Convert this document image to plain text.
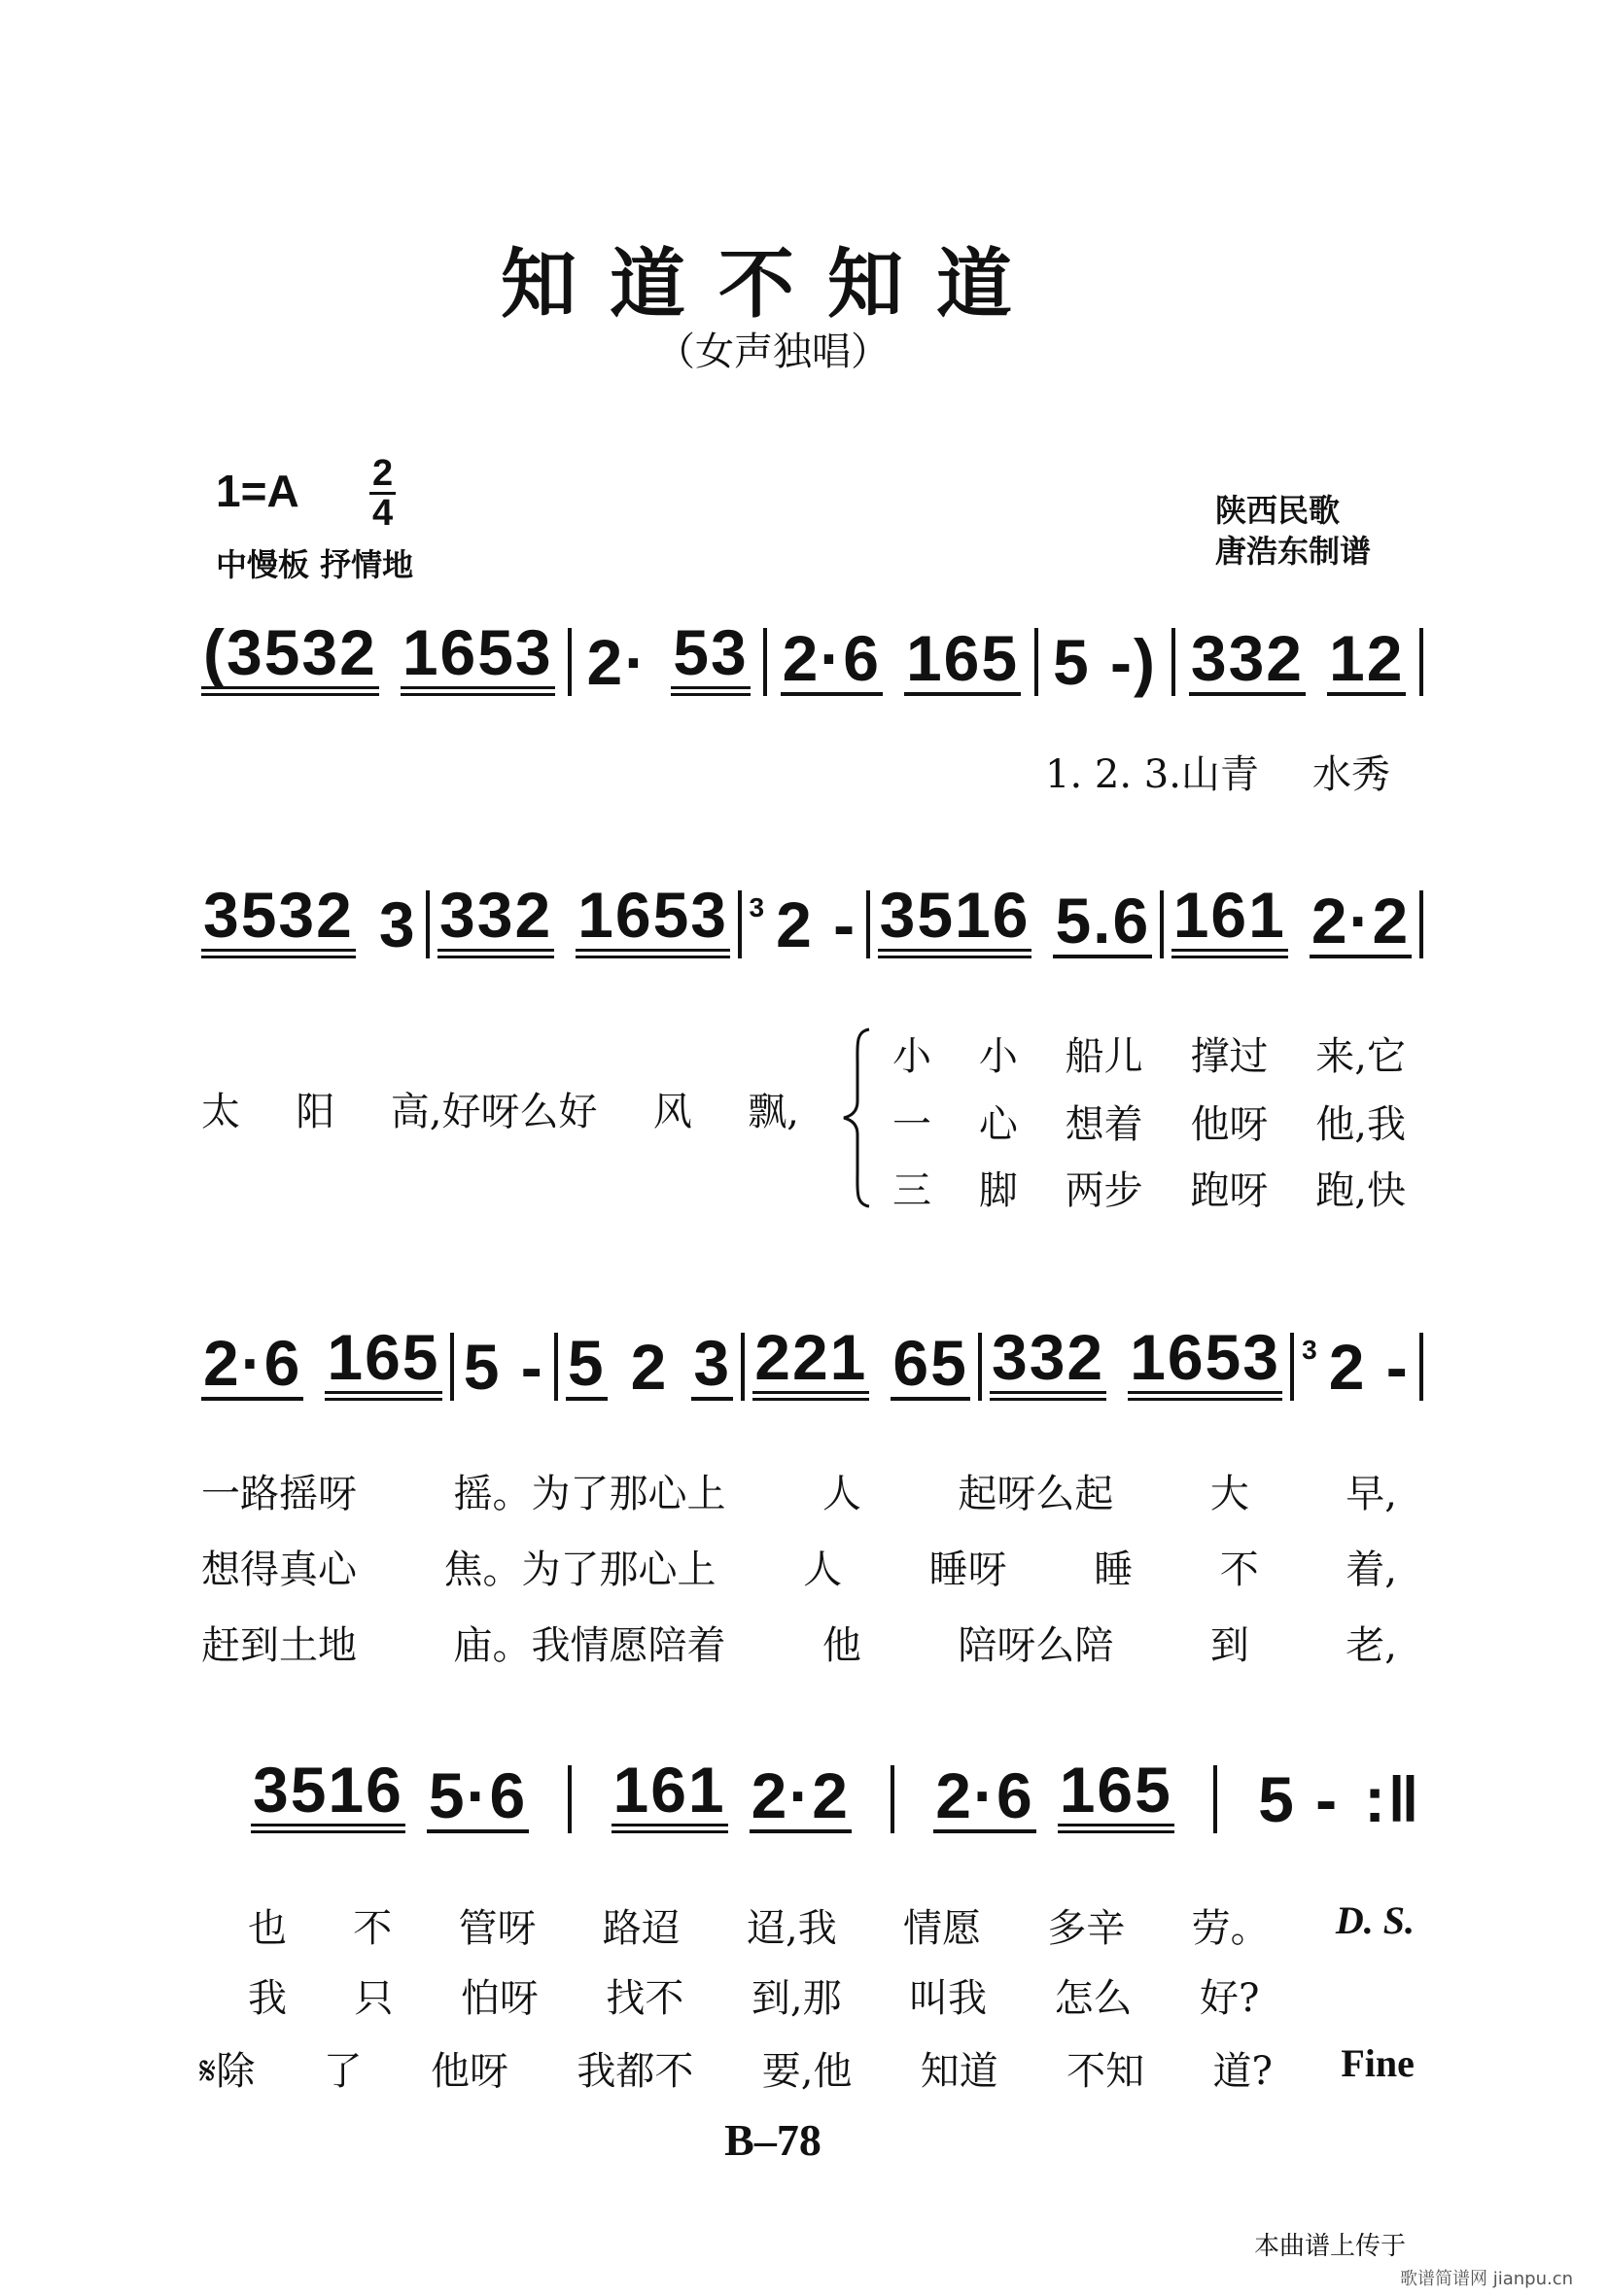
知道不知道
（女声独唱）
1=A 2
4
中慢板 抒情地
陕西民歌
唐浩东制谱
(3532 1653 2· 53 2·6 165 5 -) 332 12
1. 2. 3.山青 水秀
3532 3 332 1653 3 2 - 3516 5.6 161 2·2
太 阳 高,好呀么好 风 飘,
小 小 船儿 撑过 来,它
一 心 想着 他呀 他,我
三 脚 两步 跑呀 跑,快
2·6 165 5 - 5 2 3 221 65 332 1653 3 2 -
一路摇呀 摇。为了那心上 人 起呀么起 大 早,
想得真心 焦。为了那心上 人 睡呀 睡 不 着,
赶到土地 庙。我情愿陪着 他 陪呀么陪 到 老,
3516 5·6 161 2·2 2·6 165 5 - :‖
也 不 管呀 路迢 迢,我 情愿 多辛 劳。 D. S.
我 只 怕呀 找不 到,那 叫我 怎么 好?
𝄋除 了 他呀 我都不 要,他 知道 不知 道? Fine
B–78
本曲谱上传于
歌谱简谱网 jianpu.cn
